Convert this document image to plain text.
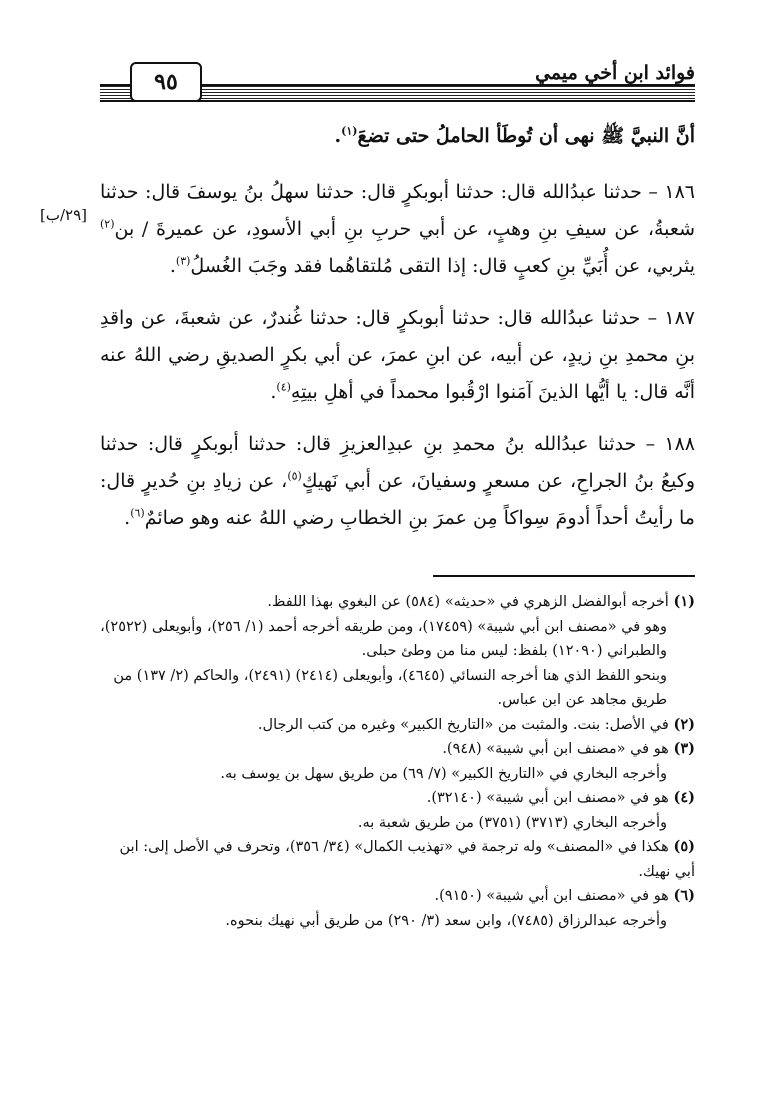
٩٥	فوائد ابن أخي ميمي
[٢٩/ب]

أنَّ النبيَّ ﷺ نهى أن تُوطَأ الحاملُ حتى تضعَ$^{(١)}$.

١٨٦ – حدثنا عبدُالله قال: حدثنا أبوبكرٍ قال: حدثنا سهلُ بنُ يوسفَ قال: حدثنا شعبةُ، عن سيفِ بنِ وهبٍ، عن أبي حربِ بنِ أبي الأسودِ، عن عميرةَ / بن$^{(٢)}$ يثربي، عن أُبَيِّ بنِ كعبٍ قال: إذا التقى مُلتقاهُما فقد وجَبَ الغُسلُ$^{(٣)}$.

١٨٧ – حدثنا عبدُالله قال: حدثنا أبوبكرٍ قال: حدثنا غُندرٌ، عن شعبةَ، عن واقدِ بنِ محمدِ بنِ زيدٍ، عن أبيه، عن ابنِ عمرَ، عن أبي بكرٍ الصديقِ رضي اللهُ عنه أنَّه قال: يا أيُّها الذينَ آمَنوا ارْقُبوا محمداً في أهلِ بيتِهِ$^{(٤)}$.

١٨٨ – حدثنا عبدُالله بنُ محمدِ بنِ عبدِالعزيزِ قال: حدثنا أبوبكرٍ قال: حدثنا وكيعُ بنُ الجراحِ، عن مسعرٍ وسفيانَ، عن أبي نَهيكٍ$^{(٥)}$، عن زيادِ بنِ حُديرٍ قال: ما رأيتُ أحداً أدومَ سِواكاً مِن عمرَ بنِ الخطابِ رضي اللهُ عنه وهو صائمٌ$^{(٦)}$.

(١) أخرجه أبوالفضل الزهري في «حديثه» (٥٨٤) عن البغوي بهذا اللفظ.

وهو في «مصنف ابن أبي شيبة» (١٧٤٥٩)، ومن طريقه أخرجه أحمد (١/ ٢٥٦)، وأبويعلى (٢٥٢٢)، والطبراني (١٢٠٩٠) بلفظ: ليس منا من وطئ حبلى.

وبنحو اللفظ الذي هنا أخرجه النسائي (٤٦٤٥)، وأبويعلى (٢٤١٤) (٢٤٩١)، والحاكم (٢/ ١٣٧) من طريق مجاهد عن ابن عباس.

(٢) في الأصل: بنت. والمثبت من «التاريخ الكبير» وغيره من كتب الرجال.

(٣) هو في «مصنف ابن أبي شيبة» (٩٤٨).

وأخرجه البخاري في «التاريخ الكبير» (٧/ ٦٩) من طريق سهل بن يوسف به.

(٤) هو في «مصنف ابن أبي شيبة» (٣٢١٤٠).

وأخرجه البخاري (٣٧١٣) (٣٧٥١) من طريق شعبة به.

(٥) هكذا في «المصنف» وله ترجمة في «تهذيب الكمال» (٣٤/ ٣٥٦)، وتحرف في الأصل إلى: ابن أبي نهيك.

(٦) هو في «مصنف ابن أبي شيبة» (٩١٥٠).

وأخرجه عبدالرزاق (٧٤٨٥)، وابن سعد (٣/ ٢٩٠) من طريق أبي نهيك بنحوه.
